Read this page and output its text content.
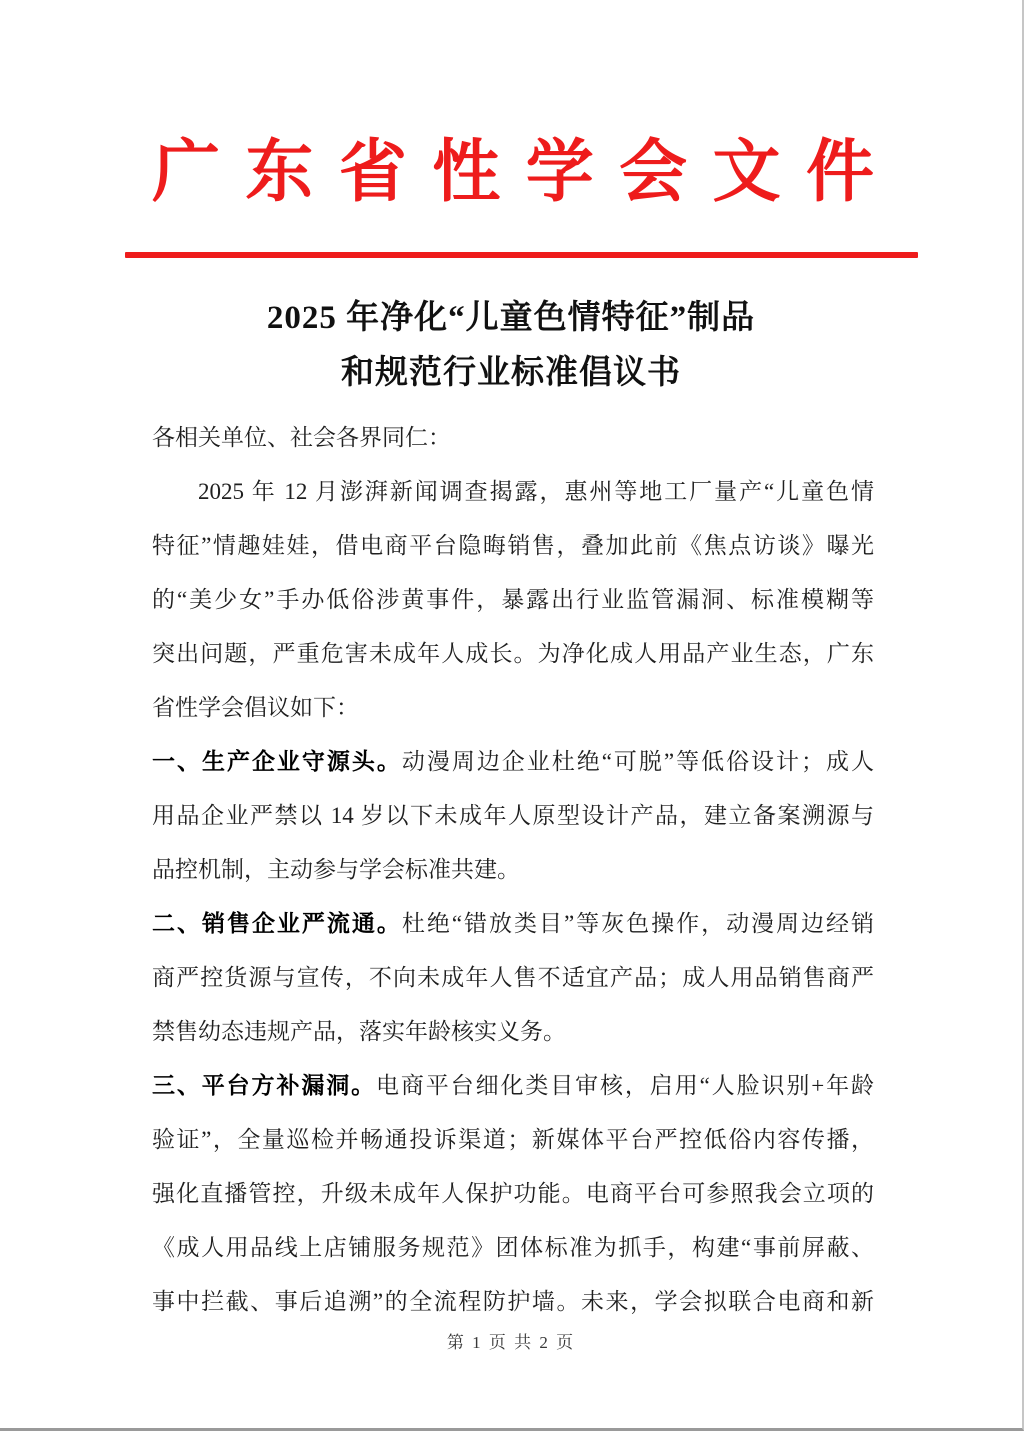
广 东 省 性 学 会 文 件
2025 年净化“儿童色情特征”制品
和规范行业标准倡议书
各相关单位、社会各界同仁：
2025 年 12 月澎湃新闻调查揭露，惠州等地工厂量产“儿童色情
特征”情趣娃娃，借电商平台隐晦销售，叠加此前《焦点访谈》曝光
的“美少女”手办低俗涉黄事件，暴露出行业监管漏洞、标准模糊等
突出问题，严重危害未成年人成长。为净化成人用品产业生态，广东
省性学会倡议如下：
一、生产企业守源头。动漫周边企业杜绝“可脱”等低俗设计；成人
用品企业严禁以 14 岁以下未成年人原型设计产品，建立备案溯源与
品控机制，主动参与学会标准共建。
二、销售企业严流通。杜绝“错放类目”等灰色操作，动漫周边经销
商严控货源与宣传，不向未成年人售不适宜产品；成人用品销售商严
禁售幼态违规产品，落实年龄核实义务。
三、平台方补漏洞。电商平台细化类目审核，启用“人脸识别+年龄
验证”，全量巡检并畅通投诉渠道；新媒体平台严控低俗内容传播，
强化直播管控，升级未成年人保护功能。电商平台可参照我会立项的
《成人用品线上店铺服务规范》团体标准为抓手，构建“事前屏蔽、
事中拦截、事后追溯”的全流程防护墙。未来，学会拟联合电商和新
第 1 页 共 2 页
